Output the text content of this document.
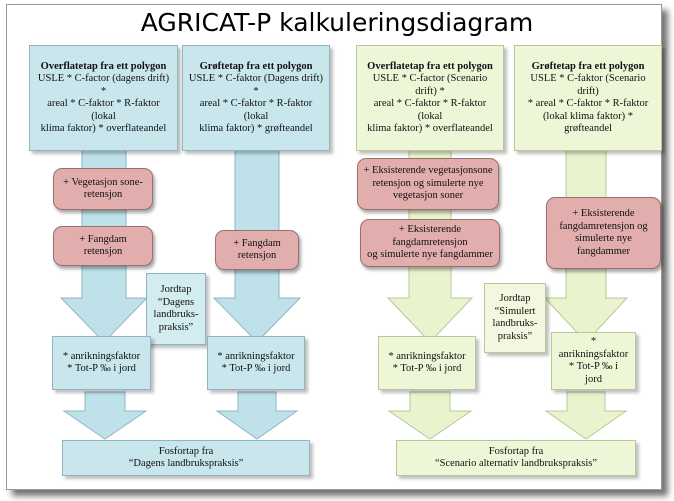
AGRICAT-P kalkuleringsdiagram
Overflatetap fra ett polygon
USLE * C-factor (dagens drift) *
areal * C-faktor * R-faktor (lokal
klima faktor) * overflateandel
Grøftetap fra ett polygon
USLE * C-faktor (Dagens drift) *
areal * C-faktor * R-faktor (lokal
klima faktor) * grøfteandel
+ Vegetasjon sone-
retensjon
+ Fangdam
retensjon
+ Fangdam
retensjon
Jordtap
“Dagens
landbruks-
praksis”
* anrikningsfaktor
* Tot-P ‰ i jord
* anrikningsfaktor
* Tot-P ‰ i jord
Fosfortap fra
“Dagens landbrukspraksis”
Overflatetap fra ett polygon
USLE * C-factor (Scenario drift) *
areal * C-faktor * R-faktor (lokal
klima faktor) * overflateandel
Grøftetap fra ett polygon
USLE * C-faktor (Scenario drift)
* areal * C-faktor * R-faktor
(lokal klima faktor) * grøfteandel
+ Eksisterende vegetasjonsone
retensjon og simulerte nye
vegetasjon soner
+ Eksisterende fangdamretensjon
og simulerte nye fangdammer
+ Eksisterende
fangdamretensjon og
simulerte nye fangdammer
Jordtap
“Simulert
landbruks-
praksis”
* anrikningsfaktor
* Tot-P ‰ i jord
*
anrikningsfaktor
* Tot-P ‰ i
jord
Fosfortap fra
“Scenario alternativ landbrukspraksis”
